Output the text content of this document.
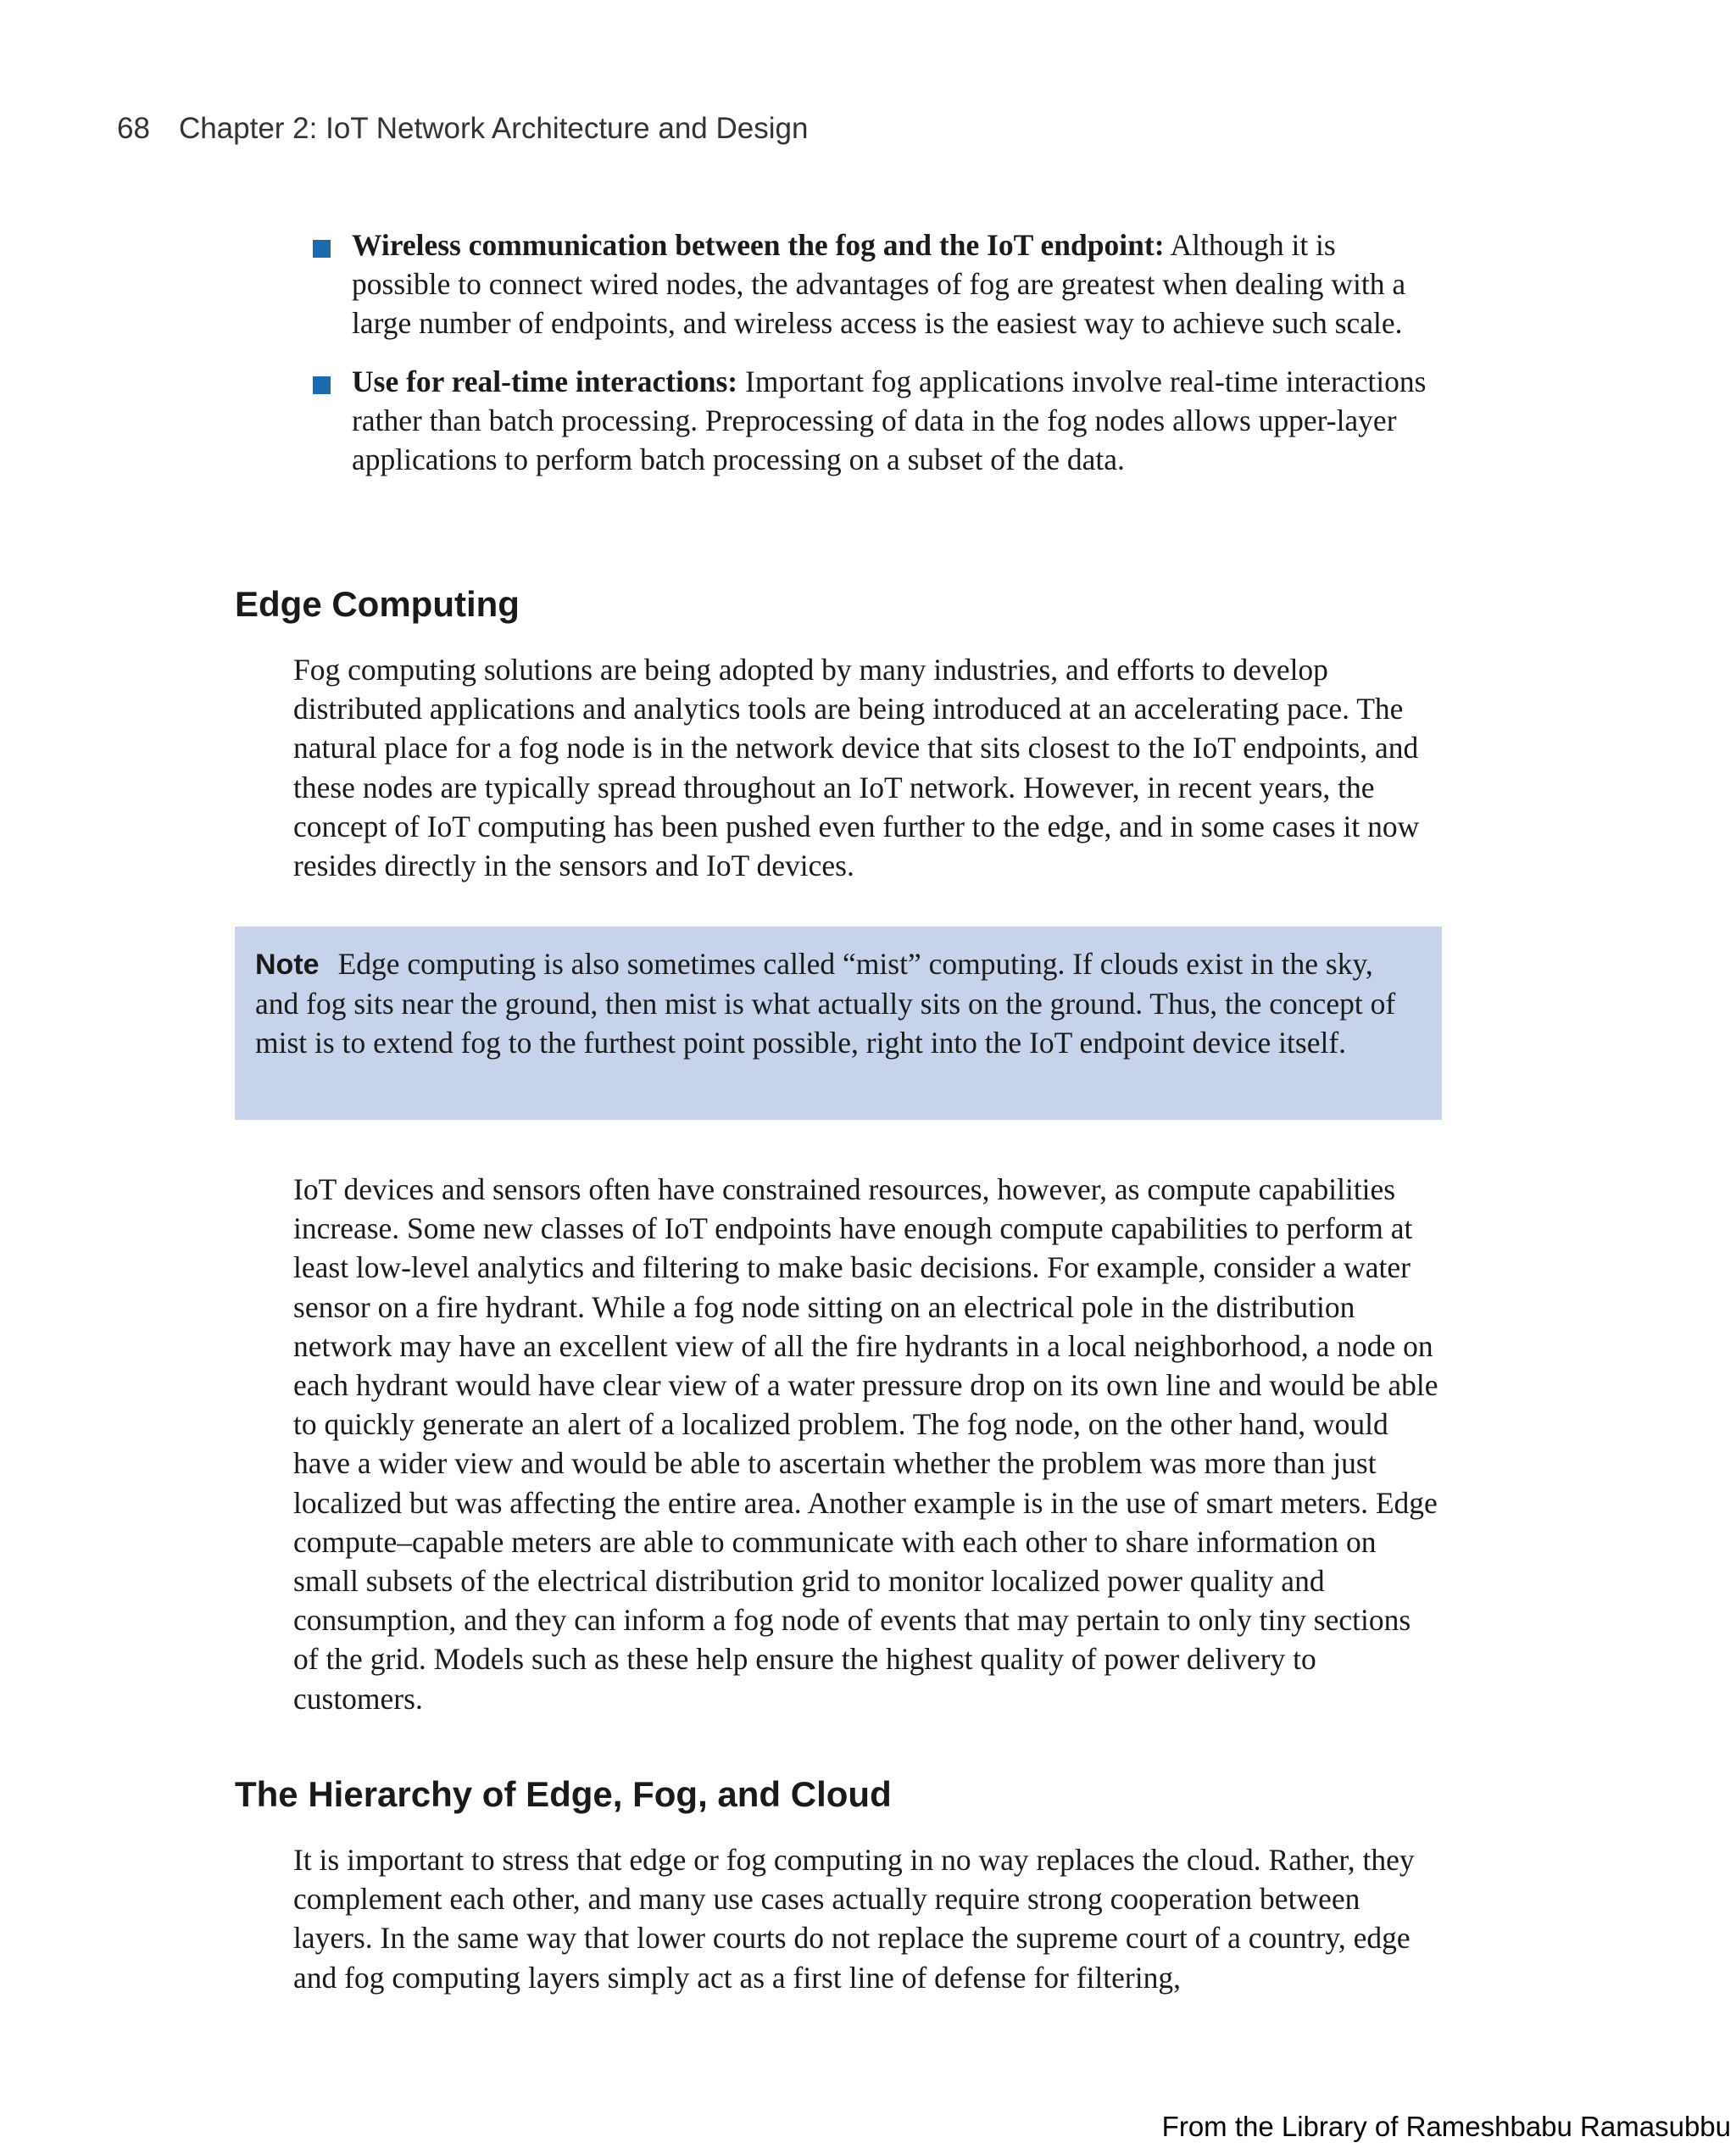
68 Chapter 2: IoT Network Architecture and Design
Wireless communication between the fog and the IoT endpoint: Although it is possible to connect wired nodes, the advantages of fog are greatest when dealing with a large number of endpoints, and wireless access is the easiest way to achieve such scale.
Use for real-time interactions: Important fog applications involve real-time interactions rather than batch processing. Preprocessing of data in the fog nodes allows upper-layer applications to perform batch processing on a subset of the data.
Edge Computing

Fog computing solutions are being adopted by many industries, and efforts to develop distributed applications and analytics tools are being introduced at an accelerating pace. The natural place for a fog node is in the network device that sits closest to the IoT endpoints, and these nodes are typically spread throughout an IoT network. However, in recent years, the concept of IoT computing has been pushed even further to the edge, and in some cases it now resides directly in the sensors and IoT devices.

Note Edge computing is also sometimes called “mist” computing. If clouds exist in the sky, and fog sits near the ground, then mist is what actually sits on the ground. Thus, the concept of mist is to extend fog to the furthest point possible, right into the IoT endpoint device itself.

IoT devices and sensors often have constrained resources, however, as compute capabilities increase. Some new classes of IoT endpoints have enough compute capabilities to perform at least low-level analytics and filtering to make basic decisions. For example, consider a water sensor on a fire hydrant. While a fog node sitting on an electrical pole in the distribution network may have an excellent view of all the fire hydrants in a local neighborhood, a node on each hydrant would have clear view of a water pressure drop on its own line and would be able to quickly generate an alert of a localized problem. The fog node, on the other hand, would have a wider view and would be able to ascertain whether the problem was more than just localized but was affecting the entire area. Another example is in the use of smart meters. Edge compute–capable meters are able to communicate with each other to share information on small subsets of the electrical distribution grid to monitor localized power quality and consumption, and they can inform a fog node of events that may pertain to only tiny sections of the grid. Models such as these help ensure the highest quality of power delivery to customers.

The Hierarchy of Edge, Fog, and Cloud

It is important to stress that edge or fog computing in no way replaces the cloud. Rather, they complement each other, and many use cases actually require strong cooperation between layers. In the same way that lower courts do not replace the supreme court of a country, edge and fog computing layers simply act as a first line of defense for filtering,

From the Library of Rameshbabu Ramasubbu
